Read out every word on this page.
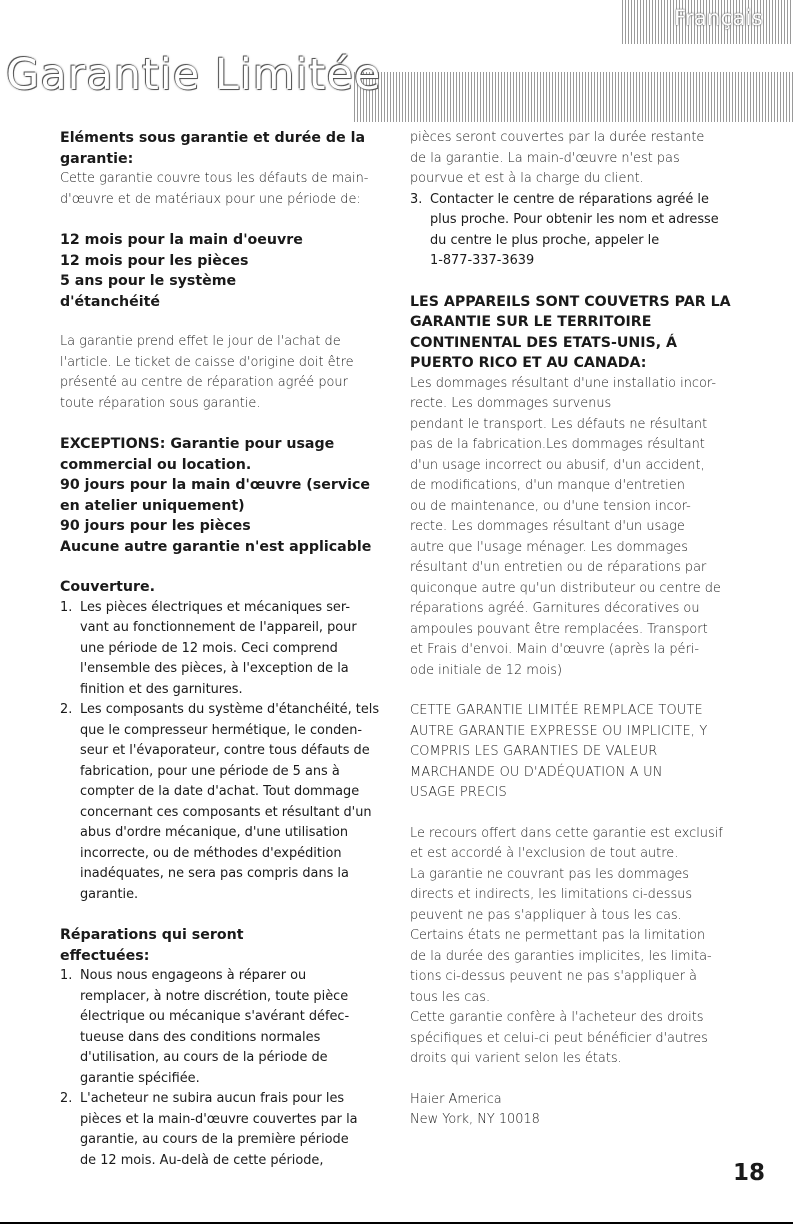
Français
Garantie Limitée
Eléments sous garantie et durée de la
garantie:

Cette garantie couvre tous les défauts de main-
d'œuvre et de matériaux pour une période de:

12 mois pour la main d'oeuvre
12 mois pour les pièces
5 ans pour le système
d'étanchéité

La garantie prend effet le jour de l'achat de
l'article. Le ticket de caisse d'origine doit être
présenté au centre de réparation agréé pour
toute réparation sous garantie.

EXCEPTIONS: Garantie pour usage
commercial ou location.
90 jours pour la main d'œuvre (service
en atelier uniquement)
90 jours pour les pièces
Aucune autre garantie n'est applicable
Couverture.
1. Les pièces électriques et mécaniques ser-
vant au fonctionnement de l'appareil, pour
une période de 12 mois. Ceci comprend
l'ensemble des pièces, à l'exception de la
finition et des garnitures.
2. Les composants du système d'étanchéité, tels
que le compresseur hermétique, le conden-
seur et l'évaporateur, contre tous défauts de
fabrication, pour une période de 5 ans à
compter de la date d'achat. Tout dommage
concernant ces composants et résultant d'un
abus d'ordre mécanique, d'une utilisation
incorrecte, ou de méthodes d'expédition
inadéquates, ne sera pas compris dans la
garantie.
Réparations qui seront
effectuées:
1. Nous nous engageons à réparer ou
remplacer, à notre discrétion, toute pièce
électrique ou mécanique s'avérant défec-
tueuse dans des conditions normales
d'utilisation, au cours de la période de
garantie spécifiée.
2. L'acheteur ne subira aucun frais pour les
pièces et la main-d'œuvre couvertes par la
garantie, au cours de la première période
de 12 mois. Au-delà de cette période,

pièces seront couvertes par la durée restante
de la garantie. La main-d'œuvre n'est pas
pourvue et est à la charge du client.

3. Contacter le centre de réparations agréé le
plus proche. Pour obtenir les nom et adresse
du centre le plus proche, appeler le
1-877-337-3639
LES APPAREILS SONT COUVETRS PAR LA
GARANTIE SUR LE TERRITOIRE
CONTINENTAL DES ETATS-UNIS, Á
PUERTO RICO ET AU CANADA:

Les dommages résultant d'une installatio incor-
recte. Les dommages survenus
pendant le transport. Les défauts ne résultant
pas de la fabrication.Les dommages résultant
d'un usage incorrect ou abusif, d'un accident,
de modifications, d'un manque d'entretien
ou de maintenance, ou d'une tension incor-
recte. Les dommages résultant d'un usage
autre que l'usage ménager. Les dommages
résultant d'un entretien ou de réparations par
quiconque autre qu'un distributeur ou centre de
réparations agréé. Garnitures décoratives ou
ampoules pouvant être remplacées. Transport
et Frais d'envoi. Main d'œuvre (après la péri-
ode initiale de 12 mois)

CETTE GARANTIE LIMITÉE REMPLACE TOUTE
AUTRE GARANTIE EXPRESSE OU IMPLICITE, Y
COMPRIS LES GARANTIES DE VALEUR
MARCHANDE OU D'ADÉQUATION A UN
USAGE PRECIS

Le recours offert dans cette garantie est exclusif
et est accordé à l'exclusion de tout autre.
La garantie ne couvrant pas les dommages
directs et indirects, les limitations ci-dessus
peuvent ne pas s'appliquer à tous les cas.
Certains états ne permettant pas la limitation
de la durée des garanties implicites, les limita-
tions ci-dessus peuvent ne pas s'appliquer à
tous les cas.
Cette garantie confère à l'acheteur des droits
spécifiques et celui-ci peut bénéficier d'autres
droits qui varient selon les états.

Haier America
New York, NY 10018

18
